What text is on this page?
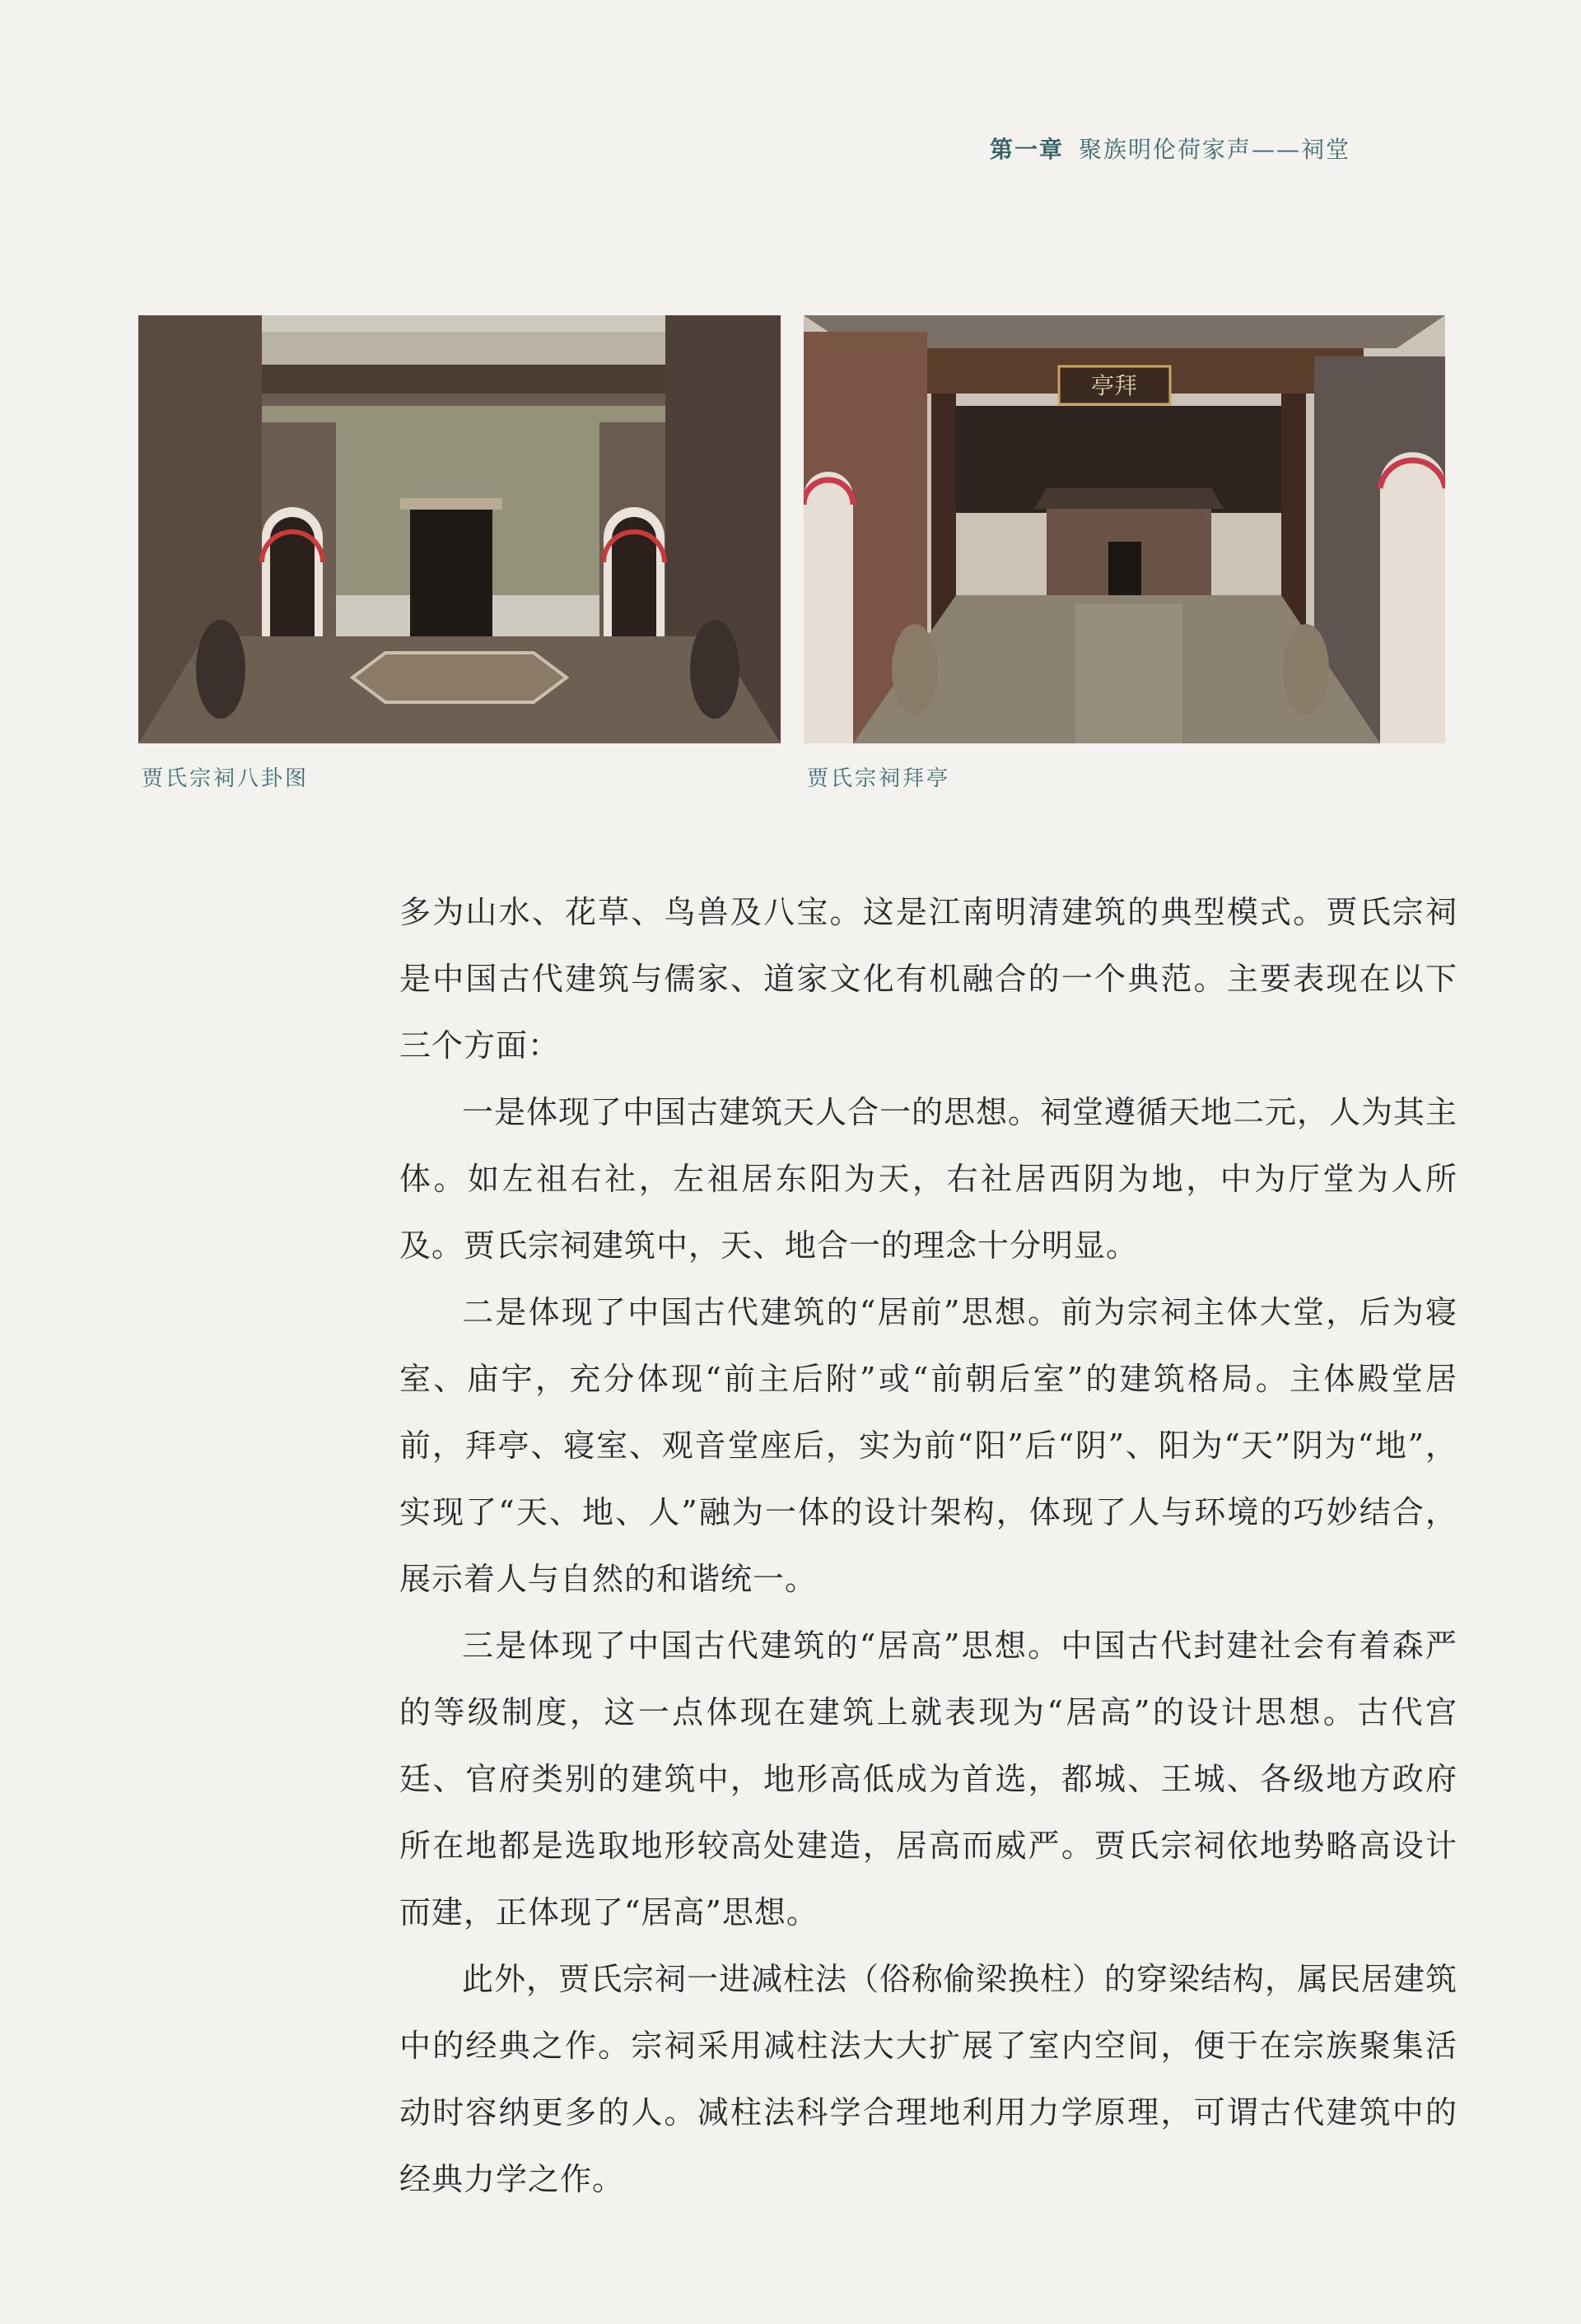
第一章 聚族明伦荷家声——祠堂
亭拜
贾氏宗祠八卦图	贾氏宗祠拜亭

多为山水、花草、鸟兽及八宝。这是江南明清建筑的典型模式。贾氏宗祠是中国古代建筑与儒家、道家文化有机融合的一个典范。主要表现在以下三个方面：

一是体现了中国古建筑天人合一的思想。祠堂遵循天地二元，人为其主体。如左祖右社，左祖居东阳为天，右社居西阴为地，中为厅堂为人所及。贾氏宗祠建筑中，天、地合一的理念十分明显。

二是体现了中国古代建筑的“居前”思想。前为宗祠主体大堂，后为寝室、庙宇，充分体现“前主后附”或“前朝后室”的建筑格局。主体殿堂居前，拜亭、寝室、观音堂座后，实为前“阳”后“阴”、阳为“天”阴为“地”，实现了“天、地、人”融为一体的设计架构，体现了人与环境的巧妙结合，展示着人与自然的和谐统一。

三是体现了中国古代建筑的“居高”思想。中国古代封建社会有着森严的等级制度，这一点体现在建筑上就表现为“居高”的设计思想。古代宫廷、官府类别的建筑中，地形高低成为首选，都城、王城、各级地方政府所在地都是选取地形较高处建造，居高而威严。贾氏宗祠依地势略高设计而建，正体现了“居高”思想。

此外，贾氏宗祠一进减柱法（俗称偷梁换柱）的穿梁结构，属民居建筑中的经典之作。宗祠采用减柱法大大扩展了室内空间，便于在宗族聚集活动时容纳更多的人。减柱法科学合理地利用力学原理，可谓古代建筑中的经典力学之作。
